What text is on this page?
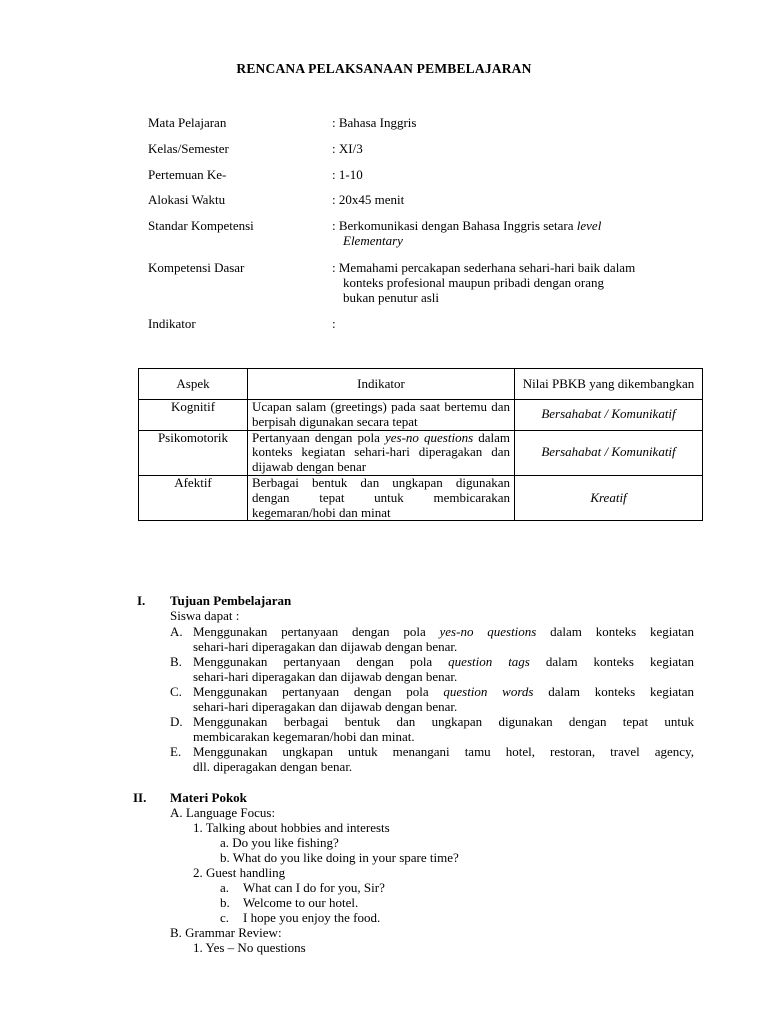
RENCANA PELAKSANAAN PEMBELAJARAN
Mata Pelajaran	: Bahasa Inggris
Kelas/Semester	: XI/3
Pertemuan Ke-	: 1-10
Alokasi Waktu	: 20x45 menit
Standar Kompetensi	: Berkomunikasi dengan Bahasa Inggris setara level
Elementary
Kompetensi Dasar	: Memahami percakapan sederhana sehari-hari baik dalam
konteks profesional maupun pribadi dengan orang
bukan penutur asli
Indikator	:
Aspek	Indikator	Nilai PBKB yang dikembangkan
Kognitif	Ucapan salam (greetings) pada saat bertemu dan berpisah digunakan secara tepat	Bersahabat / Komunikatif
Psikomotorik	Pertanyaan dengan pola yes-no questions dalam konteks kegiatan sehari-hari diperagakan dan dijawab dengan benar	Bersahabat / Komunikatif
Afektif	Berbagai bentuk dan ungkapan digunakan dengan tepat untuk membicarakan kegemaran/hobi dan minat	Kreatif
I. Tujuan Pembelajaran
Siswa dapat :
A. Menggunakan pertanyaan dengan pola yes-no questions dalam konteks kegiatan
sehari-hari diperagakan dan dijawab dengan benar.
B. Menggunakan pertanyaan dengan pola question tags dalam konteks kegiatan
sehari-hari diperagakan dan dijawab dengan benar.
C. Menggunakan pertanyaan dengan pola question words dalam konteks kegiatan
sehari-hari diperagakan dan dijawab dengan benar.
D. Menggunakan berbagai bentuk dan ungkapan digunakan dengan tepat untuk
membicarakan kegemaran/hobi dan minat.
E. Menggunakan ungkapan untuk menangani tamu hotel, restoran, travel agency,
dll. diperagakan dengan benar.
II. Materi Pokok
A. Language Focus:
1. Talking about hobbies and interests
a. Do you like fishing?
b. What do you like doing in your spare time?
2. Guest handling
a. What can I do for you, Sir?
b. Welcome to our hotel.
c. I hope you enjoy the food.
B. Grammar Review:
1. Yes – No questions
